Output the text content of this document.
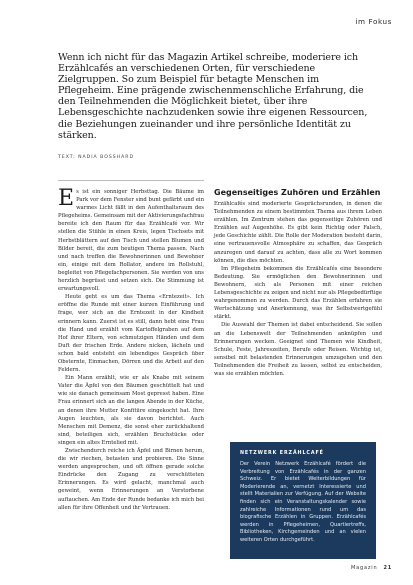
im Fokus
Wenn ich nicht für das Magazin Artikel schreibe, moderiere ich Erzählcafés an verschiedenen Orten, für verschiedene Zielgruppen. So zum Beispiel für betagte Menschen im Pflegeheim. Eine prägende zwischenmenschliche Erfahrung, die den Teilnehmenden die Möglichkeit bietet, über ihre Lebensgeschichte nachzudenken sowie ihre eigenen Ressourcen, die Beziehungen zueinander und ihre persönliche Identität zu stärken.
TEXT: NADIA BOSSHARD

Es ist ein sonniger Herbsttag. Die Bäume im Park vor dem Fenster sind bunt gefärbt und ein warmes Licht fällt in den Aufenthaltsraum des Pflegeheims. Gemeinsam mit der Aktivierungsfachfrau bereite ich den Raum für das Erzählcafé vor. Wir stellen die Stühle in einen Kreis, legen Tischsets mit Herbstblättern auf den Tisch und stellen Blumen und Bilder bereit, die zum heutigen Thema passen. Nach und nach treffen die Bewohnerinnen und Bewohner ein, einige mit dem Rollator, andere im Rollstuhl, begleitet von Pflegefachpersonen. Sie werden von uns herzlich begrüsst und setzen sich. Die Stimmung ist erwartungsvoll.

Heute geht es um das Thema «Erntezeit». Ich eröffne die Runde mit einer kurzen Einführung und frage, wer sich an die Erntezeit in der Kindheit erinnern kann. Zuerst ist es still, dann hebt eine Frau die Hand und erzählt vom Kartoffelgraben auf dem Hof ihrer Eltern, von schmutzigen Händen und dem Duft der frischen Erde. Andere nicken, lächeln und schon bald entsteht ein lebendiges Gespräch über Obsternte, Einmachen, Dörren und die Arbeit auf den Feldern.

Ein Mann erzählt, wie er als Knabe mit seinem Vater die Äpfel von den Bäumen geschüttelt hat und wie sie danach gemeinsam Most gepresst haben. Eine Frau erinnert sich an die langen Abende in der Küche, an denen ihre Mutter Konfitüre eingekocht hat. Ihre Augen leuchten, als sie davon berichtet. Auch Menschen mit Demenz, die sonst eher zurückhaltend sind, beteiligen sich, erzählen Bruchstücke oder singen ein altes Erntelied mit.

Zwischendurch reiche ich Äpfel und Birnen herum, die wir riechen, betasten und probieren. Die Sinne werden angesprochen, und oft öffnen gerade solche Eindrücke den Zugang zu verschütteten Erinnerungen. Es wird gelacht, manchmal auch geweint, wenn Erinnerungen an Verstorbene auftauchen. Am Ende der Runde bedanke ich mich bei allen für ihre Offenheit und ihr Vertrauen.

Gegenseitiges Zuhören und Erzählen

Erzählcafés sind moderierte Gesprächsrunden, in denen die Teilnehmenden zu einem bestimmten Thema aus ihrem Leben erzählen. Im Zentrum stehen das gegenseitige Zuhören und Erzählen auf Augenhöhe. Es gibt kein Richtig oder Falsch, jede Geschichte zählt. Die Rolle der Moderation besteht darin, eine vertrauensvolle Atmosphäre zu schaffen, das Gespräch anzuregen und darauf zu achten, dass alle zu Wort kommen können, die dies möchten.

Im Pflegeheim bekommen die Erzählcafés eine besondere Bedeutung. Sie ermöglichen den Bewohnerinnen und Bewohnern, sich als Personen mit einer reichen Lebensgeschichte zu zeigen und nicht nur als Pflegebedürftige wahrgenommen zu werden. Durch das Erzählen erfahren sie Wertschätzung und Anerkennung, was ihr Selbstwertgefühl stärkt.

Die Auswahl der Themen ist dabei entscheidend. Sie sollen an die Lebenswelt der Teilnehmenden anknüpfen und Erinnerungen wecken. Geeignet sind Themen wie Kindheit, Schule, Feste, Jahreszeiten, Berufe oder Reisen. Wichtig ist, sensibel mit belastenden Erinnerungen umzugehen und den Teilnehmenden die Freiheit zu lassen, selbst zu entscheiden, was sie erzählen möchten.

NETZWERK ERZÄHLCAFÉ
Der Verein Netzwerk Erzählcafé fördert die Verbreitung von Erzählcafés in der ganzen Schweiz. Er bietet Weiterbildungen für Moderierende an, vernetzt Interessierte und stellt Materialien zur Verfügung. Auf der Website finden sich ein Veranstaltungskalender sowie zahlreiche Informationen rund um das biografische Erzählen in Gruppen. Erzählcafés werden in Pflegeheimen, Quartiertreffs, Bibliotheken, Kirchgemeinden und an vielen weiteren Orten durchgeführt.
Magazin 21
